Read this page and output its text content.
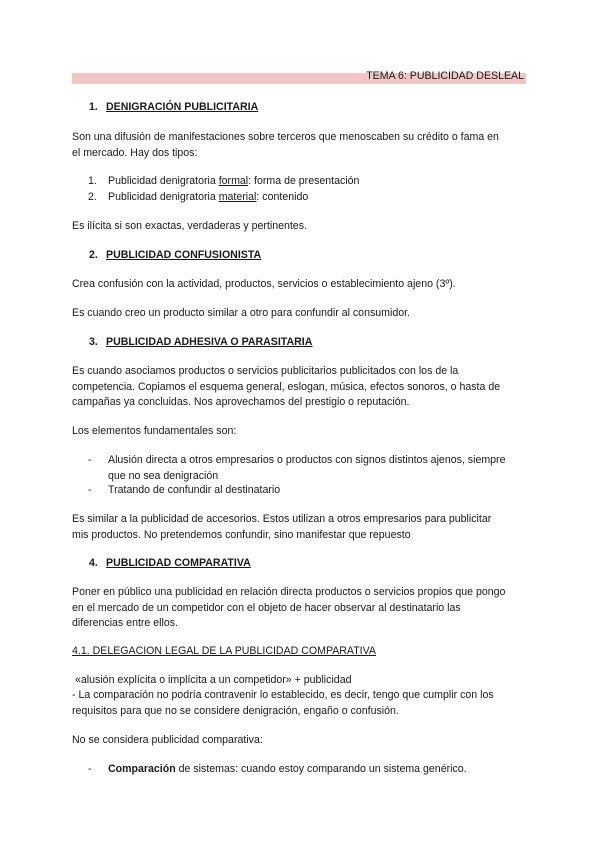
TEMA 6: PUBLICIDAD DESLEAL
1. DENIGRACIÓN PUBLICITARIA
Son una difusión de manifestaciones sobre terceros que menoscaben su crédito o fama en
el mercado. Hay dos tipos:
1. Publicidad denigratoria formal: forma de presentación
2. Publicidad denigratoria material: contenido
Es ilícita si son exactas, verdaderas y pertinentes.
2. PUBLICIDAD CONFUSIONISTA
Crea confusión con la actividad, productos, servicios o establecimiento ajeno (3º).
Es cuando creo un producto similar a otro para confundir al consumidor.
3. PUBLICIDAD ADHESIVA O PARASITARIA
Es cuando asociamos productos o servicios publicitarios publicitados con los de la
competencia. Copiamos el esquema general, eslogan, música, efectos sonoros, o hasta de
campañas ya concluidas. Nos aprovechamos del prestigio o reputación.
Los elementos fundamentales son:
- Alusión directa a otros empresarios o productos con signos distintos ajenos, siempre
que no sea denigración
- Tratando de confundir al destinatario
Es similar a la publicidad de accesorios. Estos utilizan a otros empresarios para publicitar
mis productos. No pretendemos confundir, sino manifestar que repuesto
4. PUBLICIDAD COMPARATIVA
Poner en público una publicidad en relación directa productos o servicios propios que pongo
en el mercado de un competidor con el objeto de hacer observar al destinatario las
diferencias entre ellos.
4.1. DELEGACION LEGAL DE LA PUBLICIDAD COMPARATIVA
«alusión explícita o implícita a un competidor» + publicidad
- La comparación no podría contravenir lo establecido, es decir, tengo que cumplir con los
requisitos para que no se considere denigración, engaño o confusión.
No se considera publicidad comparativa:
- Comparación de sistemas: cuando estoy comparando un sistema genérico.
